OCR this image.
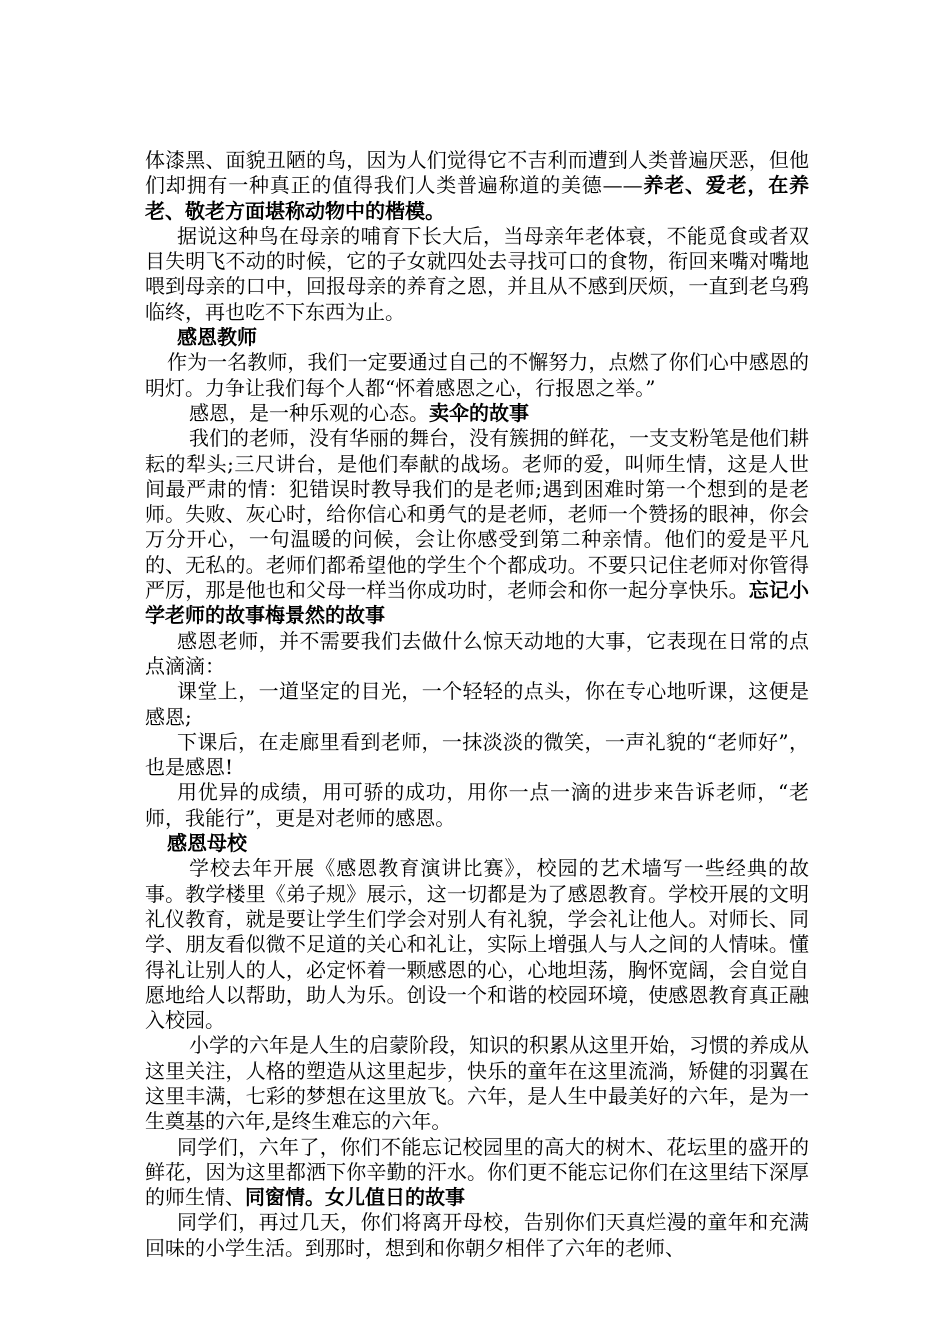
体漆黑、面貌丑陋的鸟，因为人们觉得它不吉利而遭到人类普遍厌恶，但他们却拥有一种真正的值得我们人类普遍称道的美德——养老、爱老，在养老、敬老方面堪称动物中的楷模。

据说这种鸟在母亲的哺育下长大后，当母亲年老体衰，不能觅食或者双目失明飞不动的时候，它的子女就四处去寻找可口的食物，衔回来嘴对嘴地喂到母亲的口中，回报母亲的养育之恩，并且从不感到厌烦，一直到老乌鸦临终，再也吃不下东西为止。

感恩教师

作为一名教师，我们一定要通过自己的不懈努力，点燃了你们心中感恩的明灯。力争让我们每个人都“怀着感恩之心，行报恩之举。”

感恩，是一种乐观的心态。卖伞的故事

我们的老师，没有华丽的舞台，没有簇拥的鲜花，一支支粉笔是他们耕耘的犁头;三尺讲台，是他们奉献的战场。老师的爱，叫师生情，这是人世间最严肃的情：犯错误时教导我们的是老师;遇到困难时第一个想到的是老师。失败、灰心时，给你信心和勇气的是老师，老师一个赞扬的眼神，你会万分开心，一句温暖的问候，会让你感受到第二种亲情。他们的爱是平凡的、无私的。老师们都希望他的学生个个都成功。不要只记住老师对你管得严厉，那是他也和父母一样当你成功时，老师会和你一起分享快乐。忘记小学老师的故事梅景然的故事

感恩老师，并不需要我们去做什么惊天动地的大事，它表现在日常的点点滴滴：

课堂上，一道坚定的目光，一个轻轻的点头，你在专心地听课，这便是感恩;

下课后，在走廊里看到老师，一抹淡淡的微笑，一声礼貌的“老师好”，也是感恩!

用优异的成绩，用可骄的成功，用你一点一滴的进步来告诉老师，“老师，我能行”，更是对老师的感恩。

感恩母校

学校去年开展《感恩教育演讲比赛》，校园的艺术墙写一些经典的故事。教学楼里《弟子规》展示，这一切都是为了感恩教育。学校开展的文明礼仪教育，就是要让学生们学会对别人有礼貌，学会礼让他人。对师长、同学、朋友看似微不足道的关心和礼让，实际上增强人与人之间的人情味。懂得礼让别人的人，必定怀着一颗感恩的心，心地坦荡，胸怀宽阔，会自觉自愿地给人以帮助，助人为乐。创设一个和谐的校园环境，使感恩教育真正融入校园。

小学的六年是人生的启蒙阶段，知识的积累从这里开始，习惯的养成从这里关注，人格的塑造从这里起步，快乐的童年在这里流淌，矫健的羽翼在这里丰满，七彩的梦想在这里放飞。六年，是人生中最美好的六年，是为一生奠基的六年,是终生难忘的六年。

同学们，六年了，你们不能忘记校园里的高大的树木、花坛里的盛开的鲜花，因为这里都洒下你辛勤的汗水。你们更不能忘记你们在这里结下深厚的师生情、同窗情。女儿值日的故事

同学们，再过几天，你们将离开母校，告别你们天真烂漫的童年和充满回味的小学生活。到那时，想到和你朝夕相伴了六年的老师、
